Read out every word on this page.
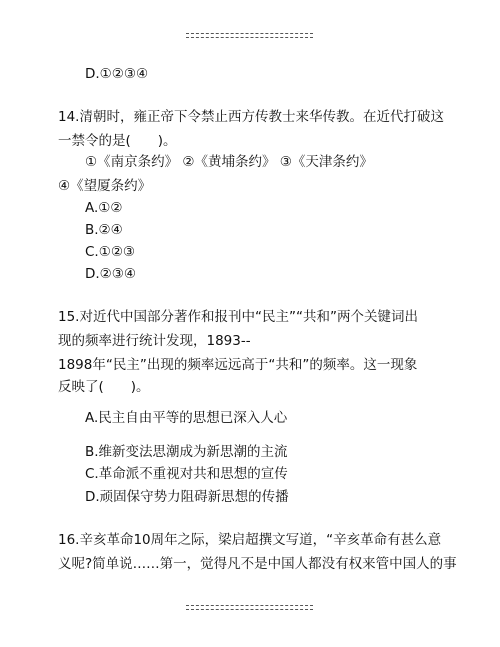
D.①②③④
14.清朝时，雍正帝下令禁止西方传教士来华传教。在近代打破这
一禁令的是(　　)。
①《南京条约》 ②《黄埔条约》 ③《天津条约》
④《望厦条约》
A.①②
B.②④
C.①②③
D.②③④
15.对近代中国部分著作和报刊中“民主”“共和”两个关键词出
现的频率进行统计发现，1893--
1898年“民主”出现的频率远远高于“共和”的频率。这一现象
反映了(　　)。
A.民主自由平等的思想已深入人心
B.维新变法思潮成为新思潮的主流
C.革命派不重视对共和思想的宣传
D.顽固保守势力阻碍新思想的传播
16.辛亥革命10周年之际，梁启超撰文写道，“辛亥革命有甚么意
义呢?简单说……第一，觉得凡不是中国人都没有权来管中国人的事
